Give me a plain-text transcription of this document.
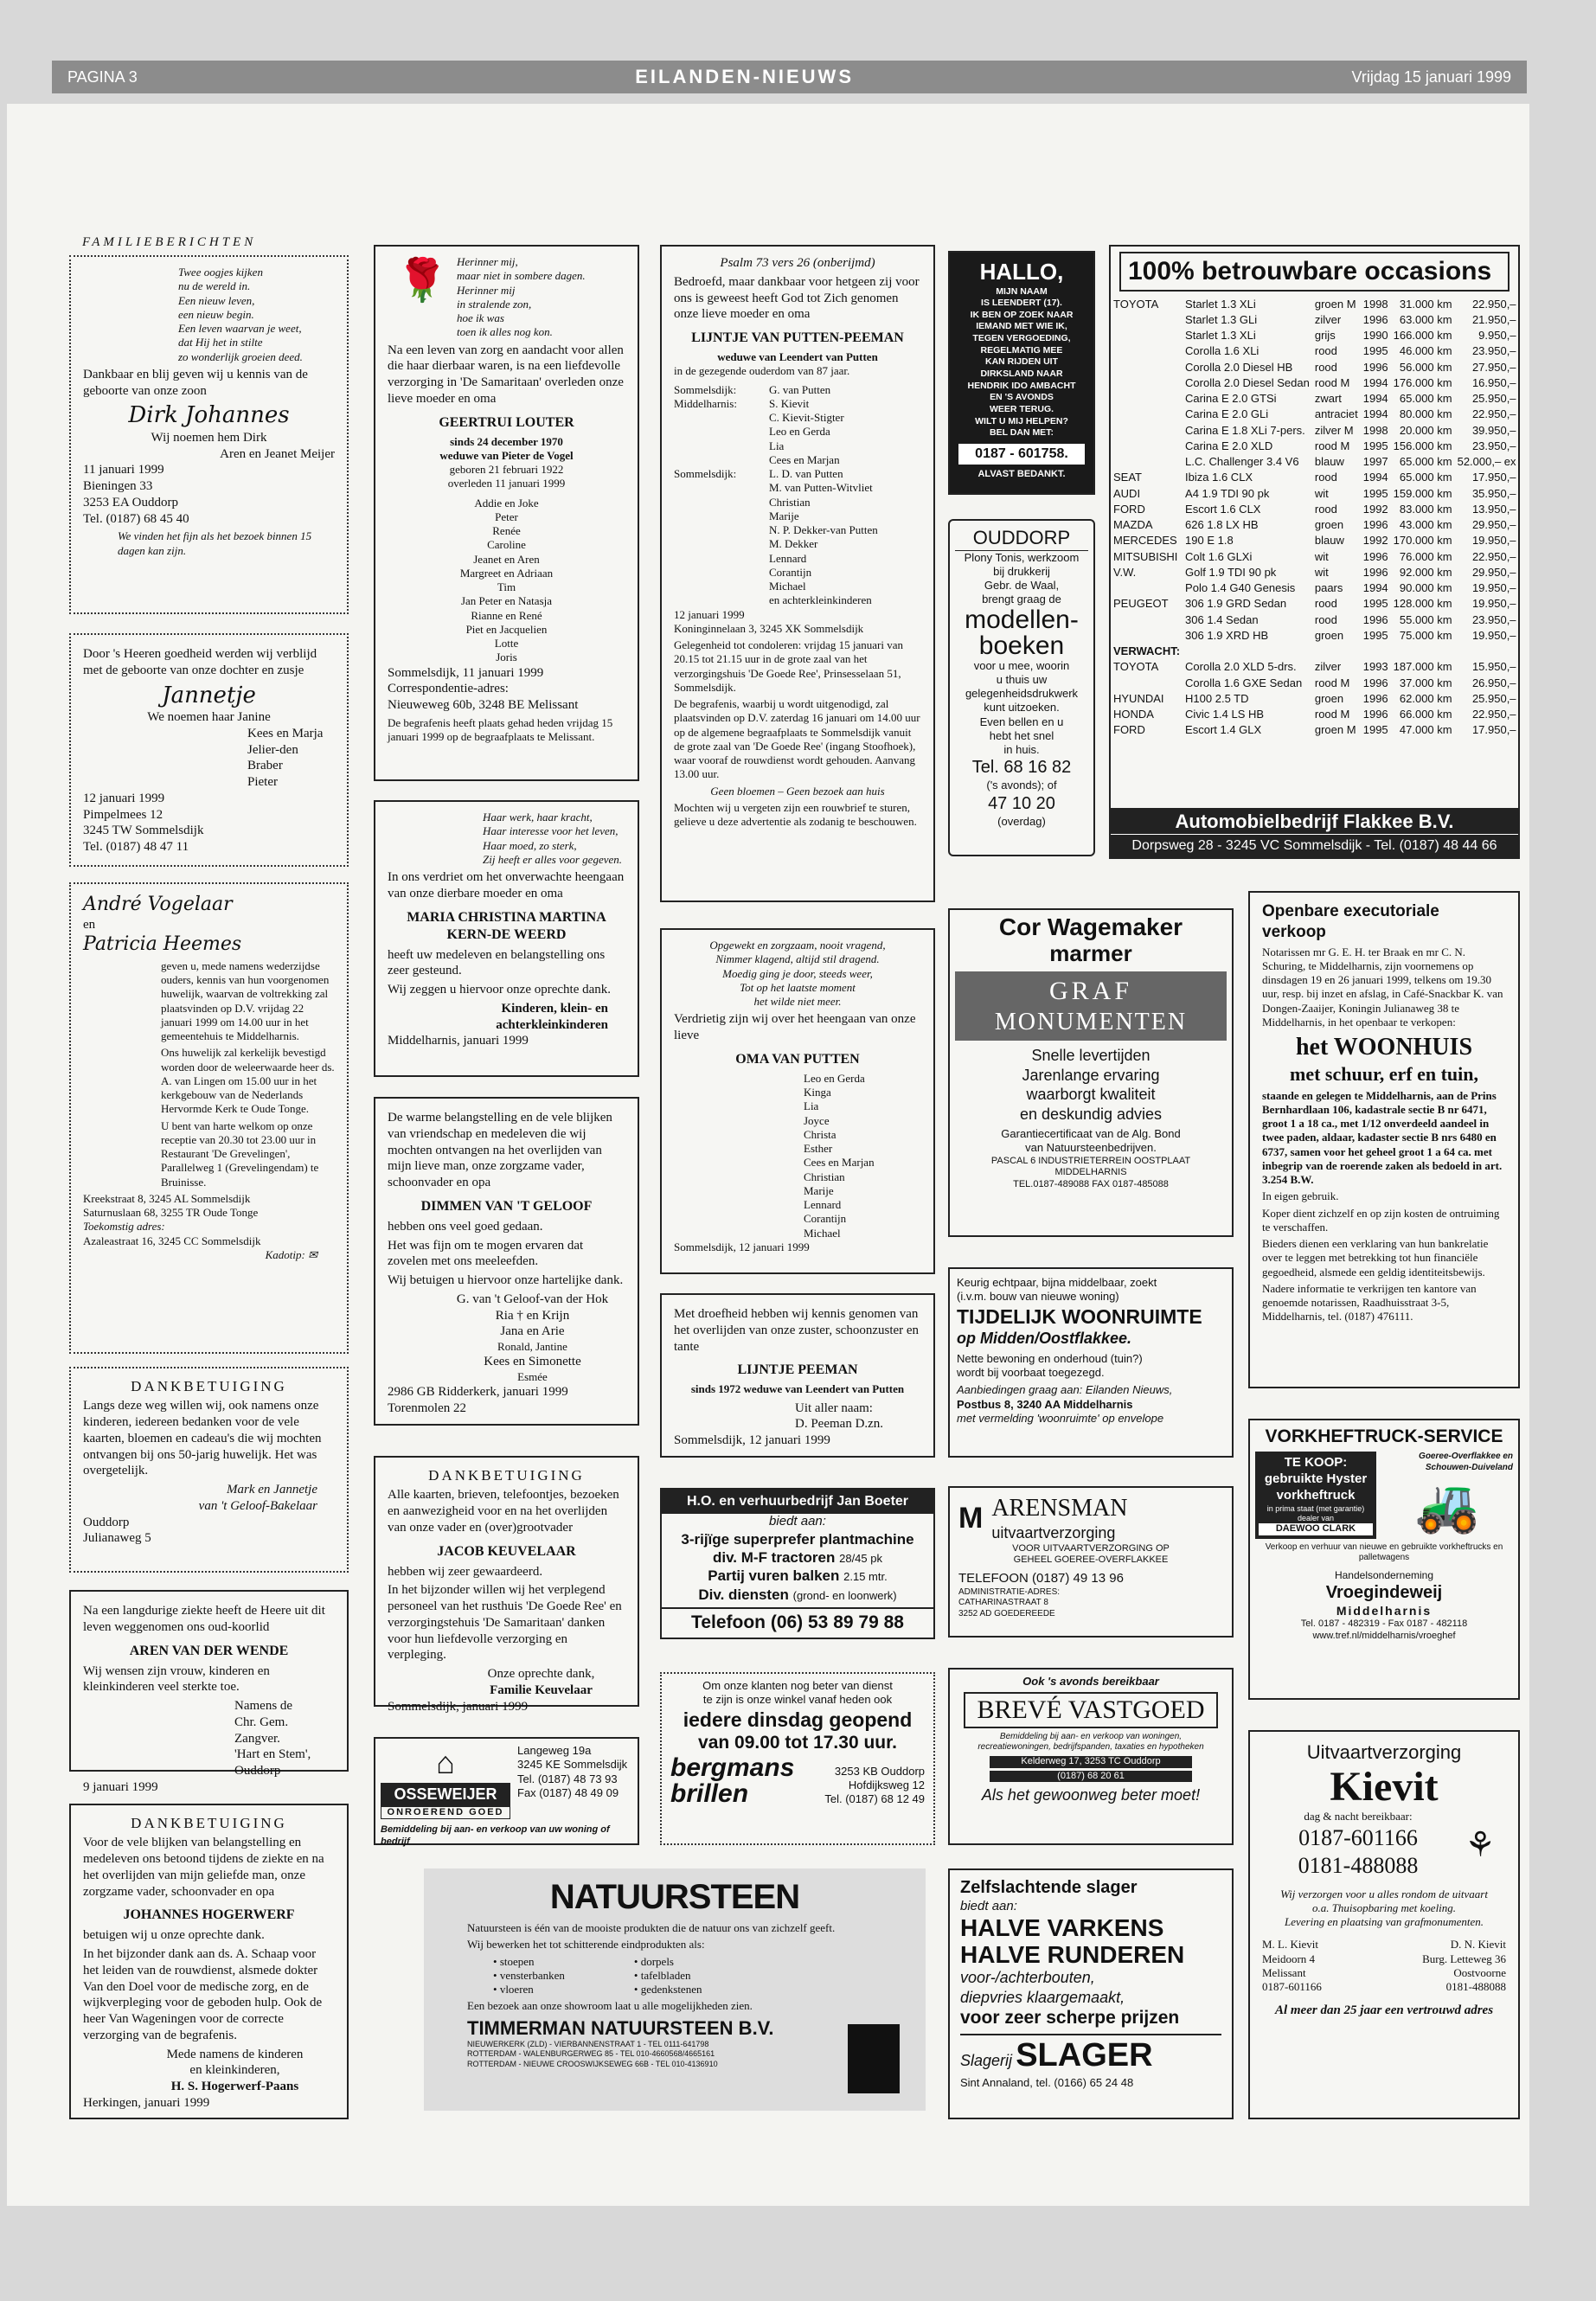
PAGINA 3	EILANDEN-NIEUWS	Vrijdag 15 januari 1999
FAMILIEBERICHTEN
Twee oogjes kijken
nu de wereld in.
Een nieuw leven,
een nieuw begin.
Een leven waarvan je weet,
dat Hij het in stilte
zo wonderlijk groeien deed.

Dankbaar en blij geven wij u kennis van de geboorte van onze zoon

Dirk Johannes
Wij noemen hem Dirk
Aren en Jeanet Meijer
11 januari 1999
Bieningen 33
3253 EA Ouddorp
Tel. (0187) 68 45 40

We vinden het fijn als het bezoek binnen 15 dagen kan zijn.

Door 's Heeren goedheid werden wij verblijd met de geboorte van onze dochter en zusje

Jannetje
We noemen haar Janine
Kees en Marja
Jelier-den Braber
Pieter
12 januari 1999
Pimpelmees 12
3245 TW Sommelsdijk
Tel. (0187) 48 47 11
André Vogelaar
en
Patricia Heemes

geven u, mede namens wederzijdse ouders, kennis van hun voorgenomen huwelijk, waarvan de voltrekking zal plaatsvinden op D.V. vrijdag 22 januari 1999 om 14.00 uur in het gemeentehuis te Middelharnis.

Ons huwelijk zal kerkelijk bevestigd worden door de weleerwaarde heer ds. A. van Lingen om 15.00 uur in het kerkgebouw van de Nederlands Hervormde Kerk te Oude Tonge.

U bent van harte welkom op onze receptie van 20.30 tot 23.00 uur in Restaurant 'De Grevelingen', Parallelweg 1 (Grevelingendam) te Bruinisse.

Kreekstraat 8, 3245 AL Sommelsdijk
Saturnuslaan 68, 3255 TR Oude Tonge
Toekomstig adres:
Azaleastraat 16, 3245 CC Sommelsdijk
Kadotip: ✉
DANKBETUIGING

Langs deze weg willen wij, ook namens onze kinderen, iedereen bedanken voor de vele kaarten, bloemen en cadeau's die wij mochten ontvangen bij ons 50-jarig huwelijk. Het was overgetelijk.

Mark en Jannetje
van 't Geloof-Bakelaar
Ouddorp
Julianaweg 5

Na een langdurige ziekte heeft de Heere uit dit leven weggenomen ons oud-koorlid

AREN VAN DER WENDE

Wij wensen zijn vrouw, kinderen en kleinkinderen veel sterkte toe.

Namens de
Chr. Gem. Zangver.
'Hart en Stem',
Ouddorp
9 januari 1999
DANKBETUIGING

Voor de vele blijken van belangstelling en medeleven ons betoond tijdens de ziekte en na het overlijden van mijn geliefde man, onze zorgzame vader, schoonvader en opa

JOHANNES HOGERWERF

betuigen wij u onze oprechte dank.

In het bijzonder dank aan ds. A. Schaap voor het leiden van de rouwdienst, alsmede dokter Van den Doel voor de medische zorg, en de wijkverpleging voor de geboden hulp. Ook de heer Van Wageningen voor de correcte verzorging van de begrafenis.

Mede namens de kinderen
en kleinkinderen,
H. S. Hogerwerf-Paans
Herkingen, januari 1999
🌹 Herinner mij,
maar niet in sombere dagen.
Herinner mij
in stralende zon,
hoe ik was
toen ik alles nog kon.

Na een leven van zorg en aandacht voor allen die haar dierbaar waren, is na een liefdevolle verzorging in 'De Samaritaan' overleden onze lieve moeder en oma

GEERTRUI LOUTER
sinds 24 december 1970
weduwe van Pieter de Vogel
geboren 21 februari 1922
overleden 11 januari 1999
Addie en Joke
Peter
Renée
Caroline
Jeanet en Aren
Margreet en Adriaan
Tim
Jan Peter en Natasja
Rianne en René
Piet en Jacquelien
Lotte
Joris
Sommelsdijk, 11 januari 1999
Correspondentie-adres:
Nieuweweg 60b, 3248 BE Melissant

De begrafenis heeft plaats gehad heden vrijdag 15 januari 1999 op de begraafplaats te Melissant.

Haar werk, haar kracht,
Haar interesse voor het leven,
Haar moed, zo sterk,
Zij heeft er alles voor gegeven.

In ons verdriet om het onverwachte heengaan van onze dierbare moeder en oma

MARIA CHRISTINA MARTINA KERN-DE WEERD

heeft uw medeleven en belangstelling ons zeer gesteund.

Wij zeggen u hiervoor onze oprechte dank.

Kinderen, klein- en achterkleinkinderen
Middelharnis, januari 1999

De warme belangstelling en de vele blijken van vriendschap en medeleven die wij mochten ontvangen na het overlijden van mijn lieve man, onze zorgzame vader, schoonvader en opa

DIMMEN VAN 'T GELOOF

hebben ons veel goed gedaan.

Het was fijn om te mogen ervaren dat zovelen met ons meeleefden.

Wij betuigen u hiervoor onze hartelijke dank.

G. van 't Geloof-van der Hok
Ria † en Krijn
Jana en Arie
Ronald, Jantine
Kees en Simonette
Esmée
2986 GB Ridderkerk, januari 1999
Torenmolen 22
DANKBETUIGING

Alle kaarten, brieven, telefoontjes, bezoeken en aanwezigheid voor en na het overlijden van onze vader en (over)grootvader

JACOB KEUVELAAR

hebben wij zeer gewaardeerd.

In het bijzonder willen wij het verplegend personeel van het rusthuis 'De Goede Ree' en verzorgingstehuis 'De Samaritaan' danken voor hun liefdevolle verzorging en verpleging.

Onze oprechte dank,
Familie Keuvelaar
Sommelsdijk, januari 1999
⌂
OSSEWEIJER
ONROEREND GOED
Langeweg 19a
3245 KE Sommelsdijk
Tel. (0187) 48 73 93
Fax (0187) 48 49 09
Bemiddeling bij aan- en verkoop van uw woning of bedrijf
Psalm 73 vers 26 (onberijmd)

Bedroefd, maar dankbaar voor hetgeen zij voor ons is geweest heeft God tot Zich genomen onze lieve moeder en oma

LIJNTJE VAN PUTTEN-PEEMAN
weduwe van Leendert van Putten
in de gezegende ouderdom van 87 jaar.
Sommelsdijk:	G. van Putten
Middelharnis:	S. Kievit
C. Kievit-Stigter
Leo en Gerda
Lia
Cees en Marjan
Sommelsdijk:	L. D. van Putten
M. van Putten-Witvliet
Christian
Marije
N. P. Dekker-van Putten
M. Dekker
Lennard
Corantijn
Michael
en achterkleinkinderen
12 januari 1999
Koninginnelaan 3, 3245 XK Sommelsdijk

Gelegenheid tot condoleren: vrijdag 15 januari van 20.15 tot 21.15 uur in de grote zaal van het verzorgingshuis 'De Goede Ree', Prinsesselaan 51, Sommelsdijk.

De begrafenis, waarbij u wordt uitgenodigd, zal plaatsvinden op D.V. zaterdag 16 januari om 14.00 uur op de algemene begraafplaats te Sommelsdijk vanuit de grote zaal van 'De Goede Ree' (ingang Stoofhoek), waar vooraf de rouwdienst wordt gehouden. Aanvang 13.00 uur.

Geen bloemen – Geen bezoek aan huis

Mochten wij u vergeten zijn een rouwbrief te sturen, gelieve u deze advertentie als zodanig te beschouwen.

Opgewekt en zorgzaam, nooit vragend,
Nimmer klagend, altijd stil dragend.
Moedig ging je door, steeds weer,
Tot op het laatste moment
het wilde niet meer.

Verdrietig zijn wij over het heengaan van onze lieve

OMA VAN PUTTEN
Leo en Gerda
Kinga
Lia
Joyce
Christa
Esther
Cees en Marjan
Christian
Marije
Lennard
Corantijn
Michael
Sommelsdijk, 12 januari 1999

Met droefheid hebben wij kennis genomen van het overlijden van onze zuster, schoonzuster en tante

LIJNTJE PEEMAN
sinds 1972 weduwe van Leendert van Putten
Uit aller naam:
D. Peeman D.zn.
Sommelsdijk, 12 januari 1999
H.O. en verhuurbedrijf Jan Boeter
biedt aan:
3-rijïge superprefer plantmachine
div. M-F tractoren 28/45 pk
Partij vuren balken 2.15 mtr.
Div. diensten (grond- en loonwerk)
Telefoon (06) 53 89 79 88
Om onze klanten nog beter van dienst
te zijn is onze winkel vanaf heden ook
iedere dinsdag geopend
van 09.00 tot 17.30 uur.
bergmans
brillen
3253 KB Ouddorp
Hofdijksweg 12
Tel. (0187) 68 12 49
HALLO,
MIJN NAAM
IS LEENDERT (17).
IK BEN OP ZOEK NAAR
IEMAND MET WIE IK,
TEGEN VERGOEDING,
REGELMATIG MEE
KAN RIJDEN UIT
DIRKSLAND NAAR
HENDRIK IDO AMBACHT
EN 'S AVONDS
WEER TERUG.
WILT U MIJ HELPEN?
BEL DAN MET:
0187 - 601758.
ALVAST BEDANKT.
OUDDORP
Plony Tonis, werkzoom
bij drukkerij
Gebr. de Waal,
brengt graag de
modellen-
boeken
voor u mee, woorin
u thuis uw
gelegenheidsdrukwerk
kunt uitzoeken.
Even bellen en u
hebt het snel
in huis.
Tel. 68 16 82
('s avonds); of
47 10 20
(overdag)
100% betrouwbare occasions
TOYOTA	Starlet 1.3 XLi	groen M	1998	31.000 km	22.950,–
	Starlet 1.3 GLi	zilver	1996	63.000 km	21.950,–
	Starlet 1.3 XLi	grijs	1990	166.000 km	9.950,–
	Corolla 1.6 XLi	rood	1995	46.000 km	23.950,–
	Corolla 2.0 Diesel HB	rood	1996	56.000 km	27.950,–
	Corolla 2.0 Diesel Sedan	rood M	1994	176.000 km	16.950,–
	Carina E 2.0 GTSi	zwart	1994	65.000 km	25.950,–
	Carina E 2.0 GLi	antraciet	1994	80.000 km	22.950,–
	Carina E 1.8 XLi 7-pers.	zilver M	1998	20.000 km	39.950,–
	Carina E 2.0 XLD	rood M	1995	156.000 km	23.950,–
	L.C. Challenger 3.4 V6	blauw	1997	65.000 km	52.000,– ex
SEAT	Ibiza 1.6 CLX	rood	1994	65.000 km	17.950,–
AUDI	A4 1.9 TDI 90 pk	wit	1995	159.000 km	35.950,–
FORD	Escort 1.6 CLX	rood	1992	83.000 km	13.950,–
MAZDA	626 1.8 LX HB	groen	1996	43.000 km	29.950,–
MERCEDES	190 E 1.8	blauw	1992	170.000 km	19.950,–
MITSUBISHI	Colt 1.6 GLXi	wit	1996	76.000 km	22.950,–
V.W.	Golf 1.9 TDI 90 pk	wit	1996	92.000 km	29.950,–
	Polo 1.4 G40 Genesis	paars	1994	90.000 km	19.950,–
PEUGEOT	306 1.9 GRD Sedan	rood	1995	128.000 km	19.950,–
	306 1.4 Sedan	rood	1996	55.000 km	23.950,–
	306 1.9 XRD HB	groen	1995	75.000 km	19.950,–
VERWACHT:					
TOYOTA	Corolla 2.0 XLD 5-drs.	zilver	1993	187.000 km	15.950,–
	Corolla 1.6 GXE Sedan	rood M	1996	37.000 km	26.950,–
HYUNDAI	H100 2.5 TD	groen	1996	62.000 km	25.950,–
HONDA	Civic 1.4 LS HB	rood M	1996	66.000 km	22.950,–
FORD	Escort 1.4 GLX	groen M	1995	47.000 km	17.950,–
Automobielbedrijf Flakkee B.V.
Dorpsweg 28 - 3245 VC Sommelsdijk - Tel. (0187) 48 44 66
Cor Wagemaker
marmer
GRAF
MONUMENTEN
Snelle levertijden
Jarenlange ervaring
waarborgt kwaliteit
en deskundig advies
Garantiecertificaat van de Alg. Bond
van Natuursteenbedrijven.
PASCAL 6 INDUSTRIETERREIN OOSTPLAAT
MIDDELHARNIS
TEL.0187-489088 FAX 0187-485088
Keurig echtpaar, bijna middelbaar, zoekt
(i.v.m. bouw van nieuwe woning)
TIJDELIJK WOONRUIMTE
op Midden/Oostflakkee.
Nette bewoning en onderhoud (tuin?)
wordt bij voorbaat toegezegd.
Aanbiedingen graag aan: Eilanden Nieuws,
Postbus 8, 3240 AA Middelharnis
met vermelding 'woonruimte' op envelope
M ARENSMAN
uitvaartverzorging
VOOR UITVAARTVERZORGING OP
GEHEEL GOEREE-OVERFLAKKEE
TELEFOON (0187) 49 13 96
ADMINISTRATIE-ADRES:
CATHARINASTRAAT 8
3252 AD GOEDEREEDE
Ook 's avonds bereikbaar
BREVÉ VASTGOED
Bemiddeling bij aan- en verkoop van woningen,
recreatiewoningen, bedrijfspanden, taxaties en hypotheken
Kelderweg 17, 3253 TC Ouddorp
(0187) 68 20 61
Als het gewoonweg beter moet!
Openbare executoriale verkoop

Notarissen mr G. E. H. ter Braak en mr C. N. Schuring, te Middelharnis, zijn voornemens op dinsdagen 19 en 26 januari 1999, telkens om 19.30 uur, resp. bij inzet en afslag, in Café-Snackbar K. van Dongen-Zaaijer, Koningin Julianaweg 38 te Middelharnis, in het openbaar te verkopen:

het WOONHUIS
met schuur, erf en tuin,

staande en gelegen te Middelharnis, aan de Prins Bernhardlaan 106, kadastrale sectie B nr 6471, groot 1 a 18 ca., met 1/12 onverdeeld aandeel in twee paden, aldaar, kadaster sectie B nrs 6480 en 6737, samen voor het geheel groot 1 a 64 ca. met inbegrip van de roerende zaken als bedoeld in art. 3.254 B.W.

In eigen gebruik.

Koper dient zichzelf en op zijn kosten de ontruiming te verschaffen.

Bieders dienen een verklaring van hun bankrelatie over te leggen met betrekking tot hun financiële gegoedheid, alsmede een geldig identiteitsbewijs.

Nadere informatie te verkrijgen ten kantore van genoemde notarissen, Raadhuisstraat 3-5, Middelharnis, tel. (0187) 476111.

VORKHEFTRUCK-SERVICE
TE KOOP:
gebruikte Hyster
vorkheftruck
in prima staat (met garantie)
dealer van
DAEWOO CLARK
Goeree-Overflakkee en
Schouwen-Duiveland
🚜
Verkoop en verhuur van nieuwe en gebruikte vorkheftrucks en palletwagens
Handelsonderneming
Vroegindeweij
Middelharnis
Tel. 0187 - 482319 - Fax 0187 - 482118
www.tref.nl/middelharnis/vroeghef
Uitvaartverzorging
Kievit
dag & nacht bereikbaar:
0187-601166
0181-488088
⚘
Wij verzorgen voor u alles rondom de uitvaart
o.a. Thuisopbaring met koeling.
Levering en plaatsing van grafmonumenten.
M. L. Kievit
Meidoorn 4
Melissant
0187-601166
D. N. Kievit
Burg. Letteweg 36
Oostvoorne
0181-488088
Al meer dan 25 jaar een vertrouwd adres
NATUURSTEEN

Natuursteen is één van de mooiste produkten die de natuur ons van zichzelf geeft.

Wij bewerken het tot schitterende eindprodukten als:

• stoepen
• vensterbanken
• vloeren
• dorpels
• tafelbladen
• gedenkstenen

Een bezoek aan onze showroom laat u alle mogelijkheden zien.

TIMMERMAN NATUURSTEEN B.V.
NIEUWERKERK (ZLD) - VIERBANNENSTRAAT 1 - TEL 0111-641798
ROTTERDAM - WALENBURGERWEG 85 - TEL 010-4660568/4665161
ROTTERDAM - NIEUWE CROOSWIJKSEWEG 66B - TEL 010-4136910
Zelfslachtende slager
biedt aan:
HALVE VARKENS
HALVE RUNDEREN
voor-/achterbouten,
diepvries klaargemaakt,
voor zeer scherpe prijzen
Slagerij SLAGER
Sint Annaland, tel. (0166) 65 24 48
